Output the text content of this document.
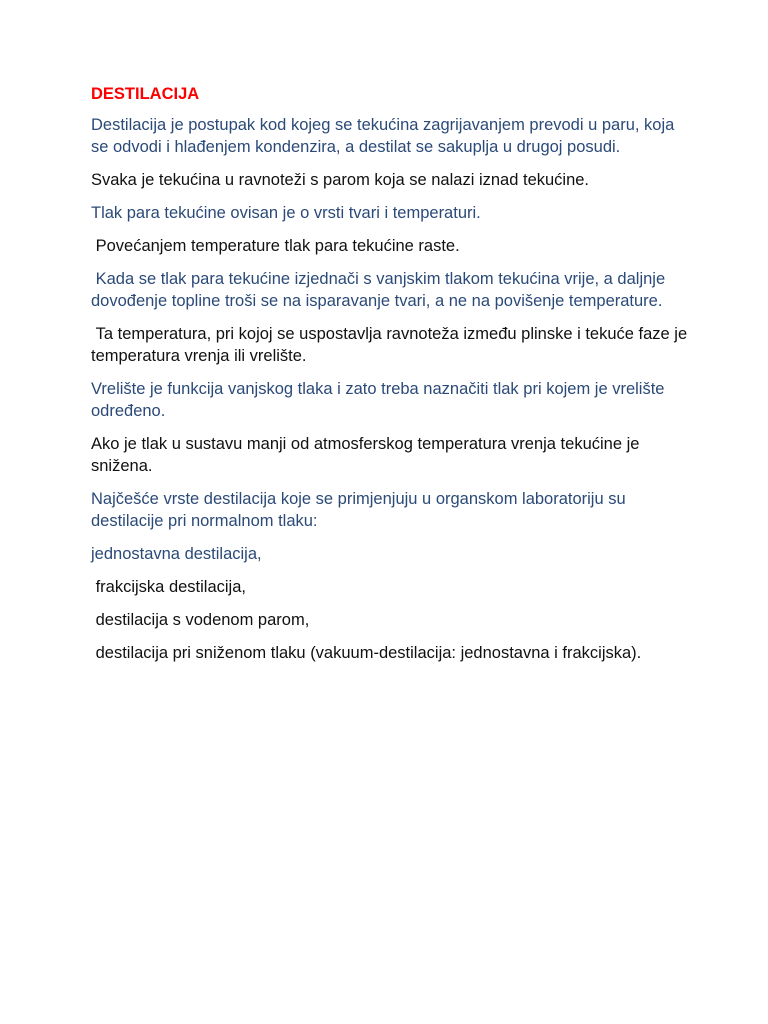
DESTILACIJA

Destilacija je postupak kod kojeg se tekućina zagrijavanjem prevodi u paru, koja se odvodi i hlađenjem kondenzira, a destilat se sakuplja u drugoj posudi.

Svaka je tekućina u ravnoteži s parom koja se nalazi iznad tekućine.

Tlak para tekućine ovisan je o vrsti tvari i temperaturi.

Povećanjem temperature tlak para tekućine raste.

Kada se tlak para tekućine izjednači s vanjskim tlakom tekućina vrije, a daljnje dovođenje topline troši se na isparavanje tvari, a ne na povišenje temperature.

Ta temperatura, pri kojoj se uspostavlja ravnoteža između plinske i tekuće faze je temperatura vrenja ili vrelište.

Vrelište je funkcija vanjskog tlaka i zato treba naznačiti tlak pri kojem je vrelište određeno.

Ako je tlak u sustavu manji od atmosferskog temperatura vrenja tekućine je snižena.

Najčešće vrste destilacija koje se primjenjuju u organskom laboratoriju su destilacije pri normalnom tlaku:

jednostavna destilacija,

frakcijska destilacija,

destilacija s vodenom parom,

destilacija pri sniženom tlaku (vakuum-destilacija: jednostavna i frakcijska).
